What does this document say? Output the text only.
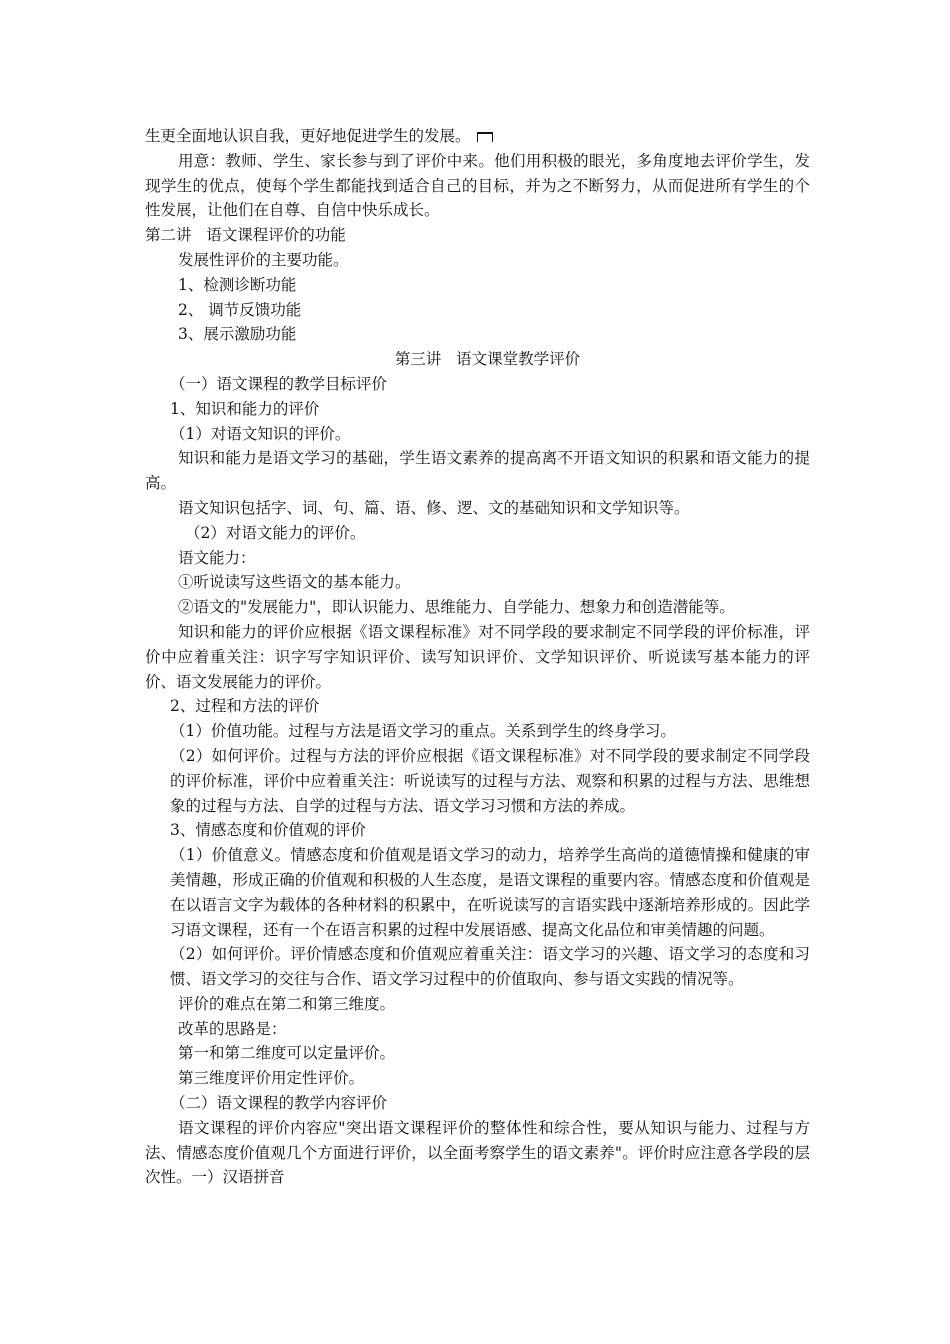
生更全面地认识自我，更好地促进学生的发展。

用意：教师、学生、家长参与到了评价中来。他们用积极的眼光，多角度地去评价学生，发现学生的优点，使每个学生都能找到适合自己的目标，并为之不断努力，从而促进所有学生的个性发展，让他们在自尊、自信中快乐成长。

第二讲   语文课程评价的功能

发展性评价的主要功能。

1、检测诊断功能

2、 调节反馈功能

3、展示激励功能

第三讲   语文课堂教学评价

（一）语文课程的教学目标评价

1、知识和能力的评价

（1）对语文知识的评价。

知识和能力是语文学习的基础，学生语文素养的提高离不开语文知识的积累和语文能力的提高。

语文知识包括字、词、句、篇、语、修、逻、文的基础知识和文学知识等。

（2）对语文能力的评价。

语文能力：

①听说读写这些语文的基本能力。

②语文的"发展能力"，即认识能力、思维能力、自学能力、想象力和创造潜能等。

知识和能力的评价应根据《语文课程标准》对不同学段的要求制定不同学段的评价标准，评价中应着重关注：识字写字知识评价、读写知识评价、文学知识评价、听说读写基本能力的评价、语文发展能力的评价。

2、过程和方法的评价

（1）价值功能。过程与方法是语文学习的重点。关系到学生的终身学习。

（2）如何评价。过程与方法的评价应根据《语文课程标准》对不同学段的要求制定不同学段的评价标准，评价中应着重关注：听说读写的过程与方法、观察和积累的过程与方法、思维想象的过程与方法、自学的过程与方法、语文学习习惯和方法的养成。

3、情感态度和价值观的评价

（1）价值意义。情感态度和价值观是语文学习的动力，培养学生高尚的道德情操和健康的审美情趣，形成正确的价值观和积极的人生态度，是语文课程的重要内容。情感态度和价值观是在以语言文字为载体的各种材料的积累中，在听说读写的言语实践中逐渐培养形成的。因此学习语文课程，还有一个在语言积累的过程中发展语感、提高文化品位和审美情趣的问题。

（2）如何评价。评价情感态度和价值观应着重关注：语文学习的兴趣、语文学习的态度和习惯、语文学习的交往与合作、语文学习过程中的价值取向、参与语文实践的情况等。

评价的难点在第二和第三维度。

改革的思路是：

第一和第二维度可以定量评价。

第三维度评价用定性评价。

（二）语文课程的教学内容评价

语文课程的评价内容应"突出语文课程评价的整体性和综合性，要从知识与能力、过程与方法、情感态度价值观几个方面进行评价，以全面考察学生的语文素养"。评价时应注意各学段的层次性。一）汉语拼音
